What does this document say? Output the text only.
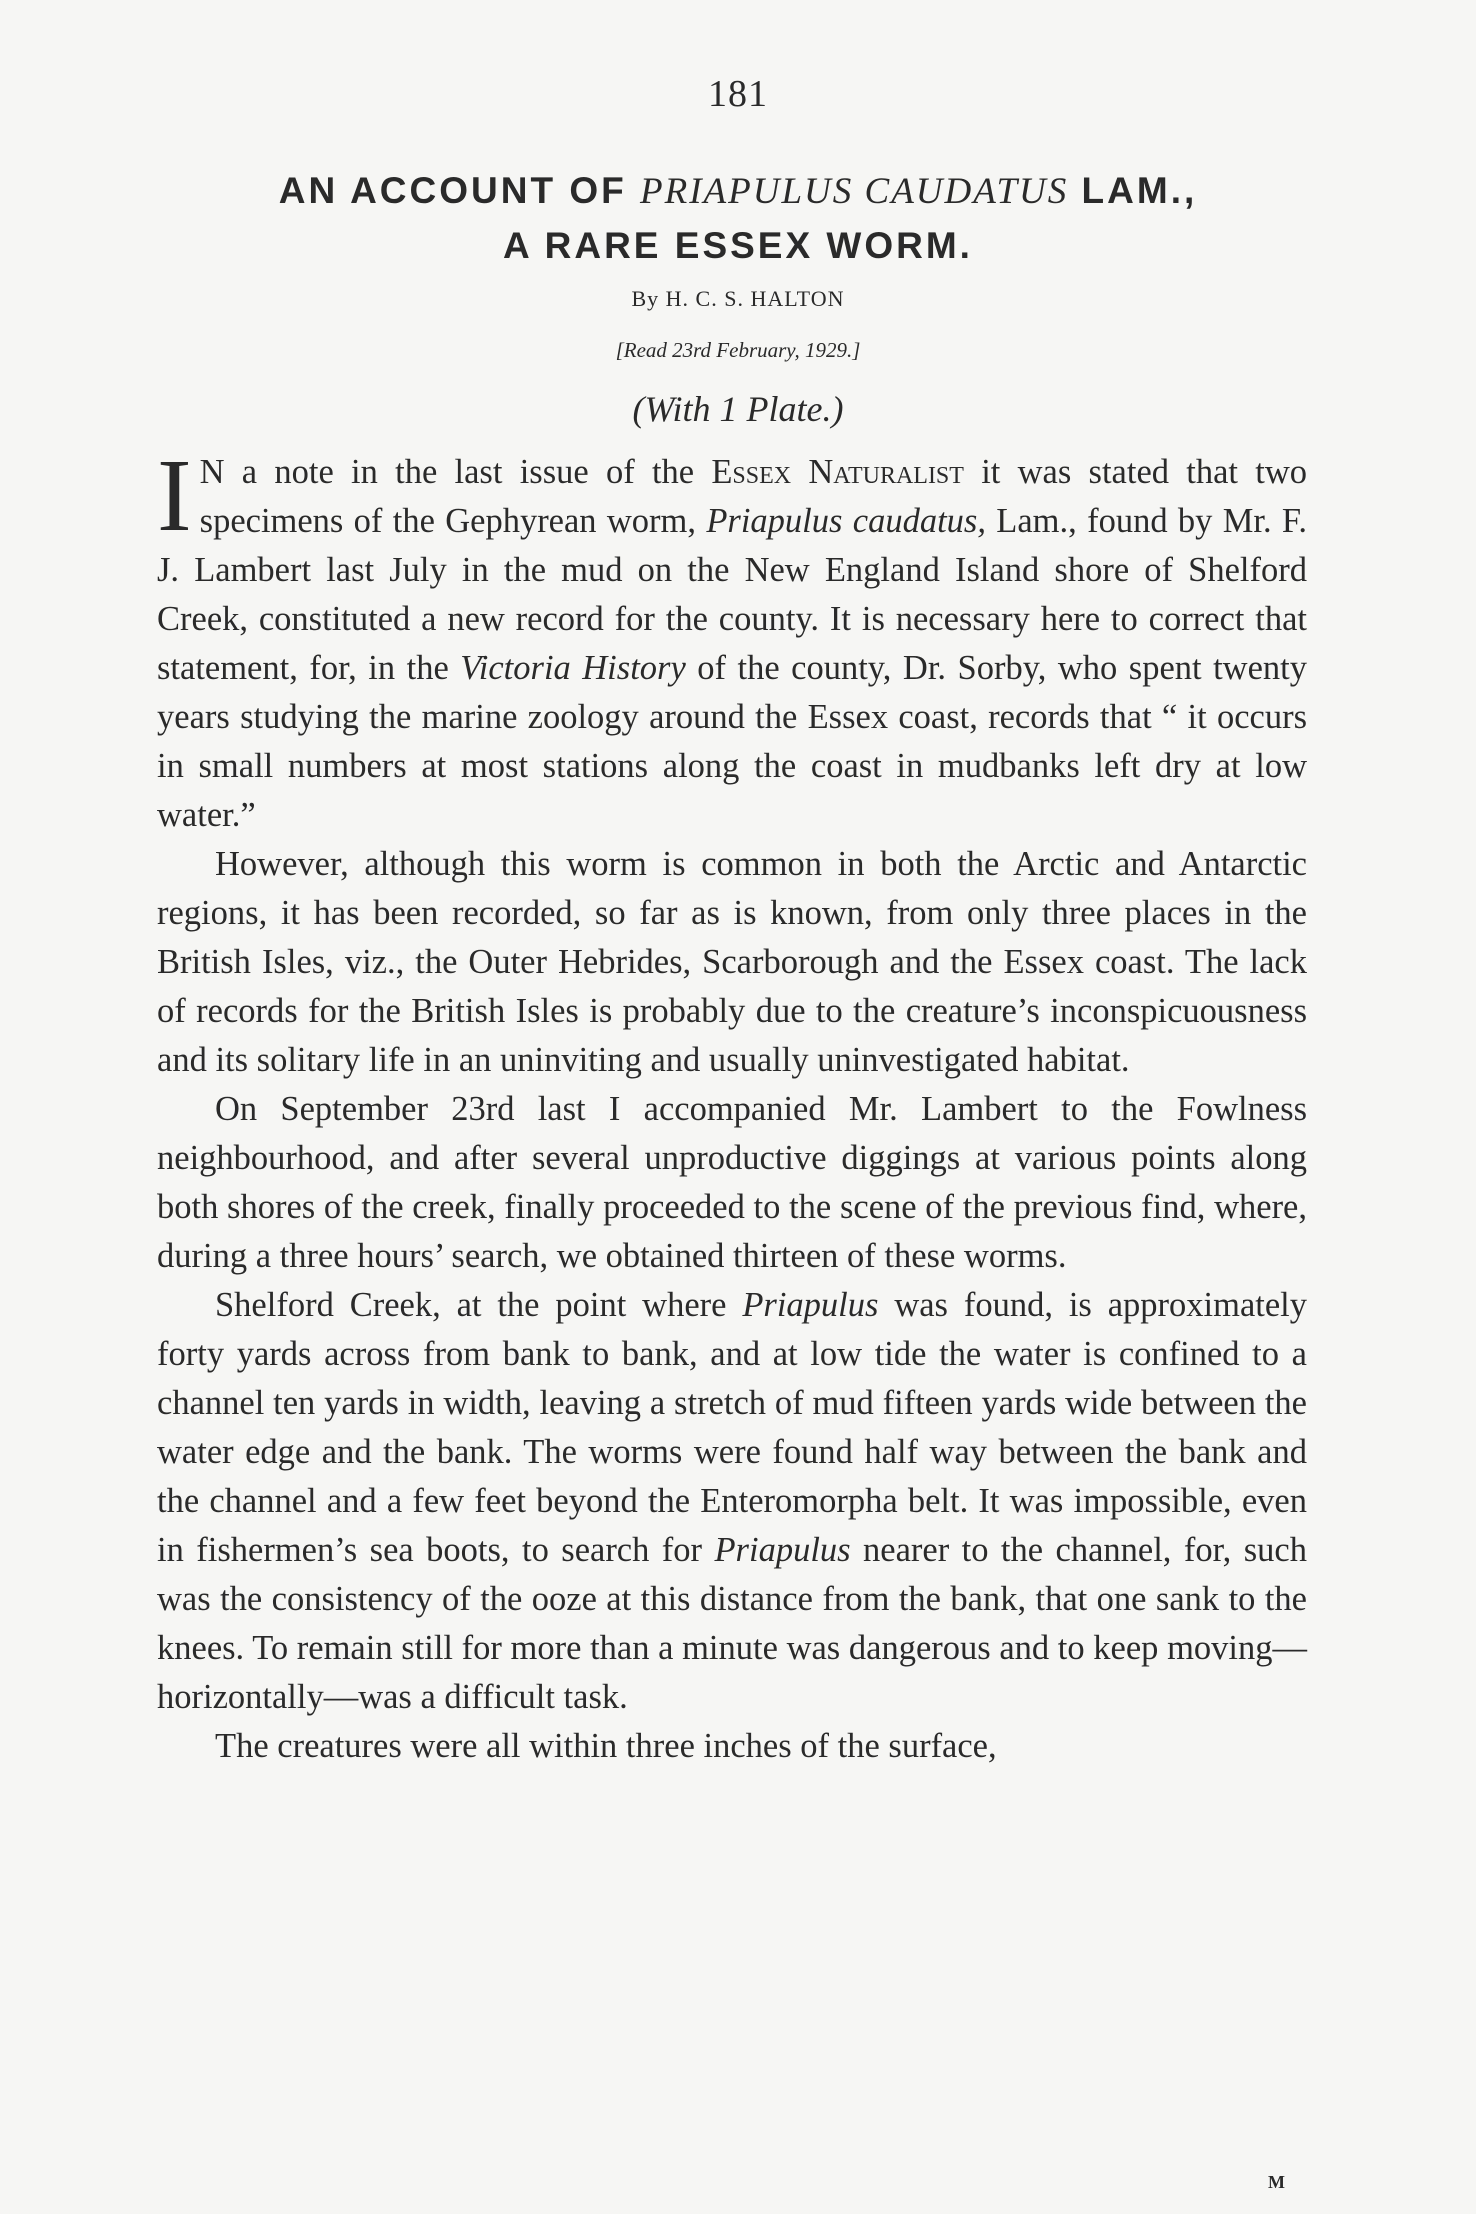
181
AN ACCOUNT OF PRIAPULUS CAUDATUS LAM.,
A RARE ESSEX WORM.
By H. C. S. HALTON
[Read 23rd February, 1929.]
(With 1 Plate.)

I N a note in the last issue of the Essex Naturalist it was stated that two specimens of the Gephyrean worm, Priapulus caudatus, Lam., found by Mr. F. J. Lambert last July in the mud on the New England Island shore of Shelford Creek, constituted a new record for the county. It is necessary here to correct that statement, for, in the Victoria History of the county, Dr. Sorby, who spent twenty years studying the marine zoology around the Essex coast, records that “ it occurs in small numbers at most stations along the coast in mudbanks left dry at low water.”

However, although this worm is common in both the Arctic and Antarctic regions, it has been recorded, so far as is known, from only three places in the British Isles, viz., the Outer Hebrides, Scarborough and the Essex coast. The lack of records for the British Isles is probably due to the creature’s inconspicuousness and its solitary life in an uninviting and usually uninvestigated habitat.

On September 23rd last I accompanied Mr. Lambert to the Fowlness neighbourhood, and after several unproductive diggings at various points along both shores of the creek, finally proceeded to the scene of the previous find, where, during a three hours’ search, we obtained thirteen of these worms.

Shelford Creek, at the point where Priapulus was found, is approximately forty yards across from bank to bank, and at low tide the water is confined to a channel ten yards in width, leaving a stretch of mud fifteen yards wide between the water edge and the bank. The worms were found half way between the bank and the channel and a few feet beyond the Enteromorpha belt. It was impossible, even in fishermen’s sea boots, to search for Priapulus nearer to the channel, for, such was the consistency of the ooze at this distance from the bank, that one sank to the knees. To remain still for more than a minute was dangerous and to keep moving—horizontally—was a difficult task.

The creatures were all within three inches of the surface,

M
